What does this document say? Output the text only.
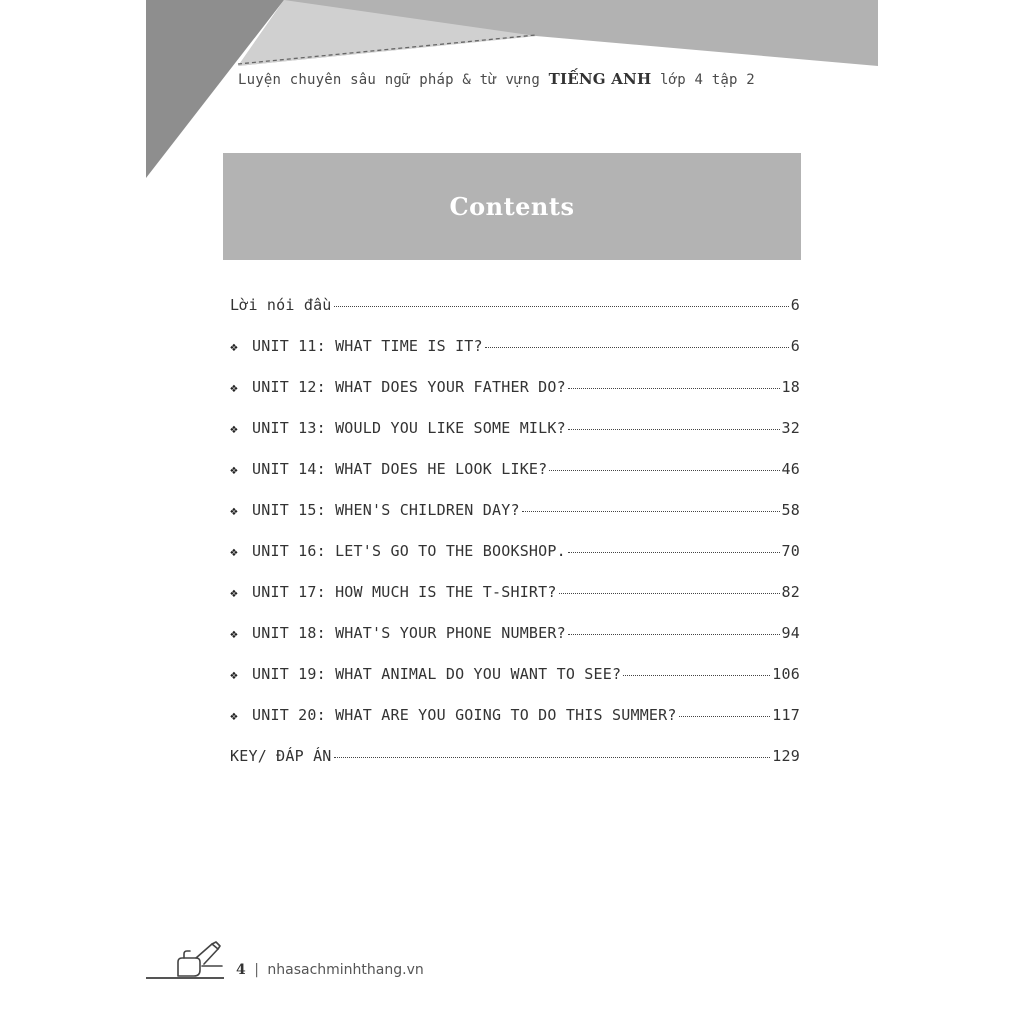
Luyện chuyên sâu ngữ pháp & từ vựng TIẾNG ANH lớp 4 tập 2
Contents
Lời nói đầu	6
❖ UNIT 11: WHAT TIME IS IT?	6
❖ UNIT 12: WHAT DOES YOUR FATHER DO?	18
❖ UNIT 13: WOULD YOU LIKE SOME MILK?	32
❖ UNIT 14: WHAT DOES HE LOOK LIKE?	46
❖ UNIT 15: WHEN'S CHILDREN DAY?	58
❖ UNIT 16: LET'S GO TO THE BOOKSHOP.	70
❖ UNIT 17: HOW MUCH IS THE T-SHIRT?	82
❖ UNIT 18: WHAT'S YOUR PHONE NUMBER?	94
❖ UNIT 19: WHAT ANIMAL DO YOU WANT TO SEE?	106
❖ UNIT 20: WHAT ARE YOU GOING TO DO THIS SUMMER?	117
KEY/ ĐÁP ÁN	129
4 | nhasachminhthang.vn
